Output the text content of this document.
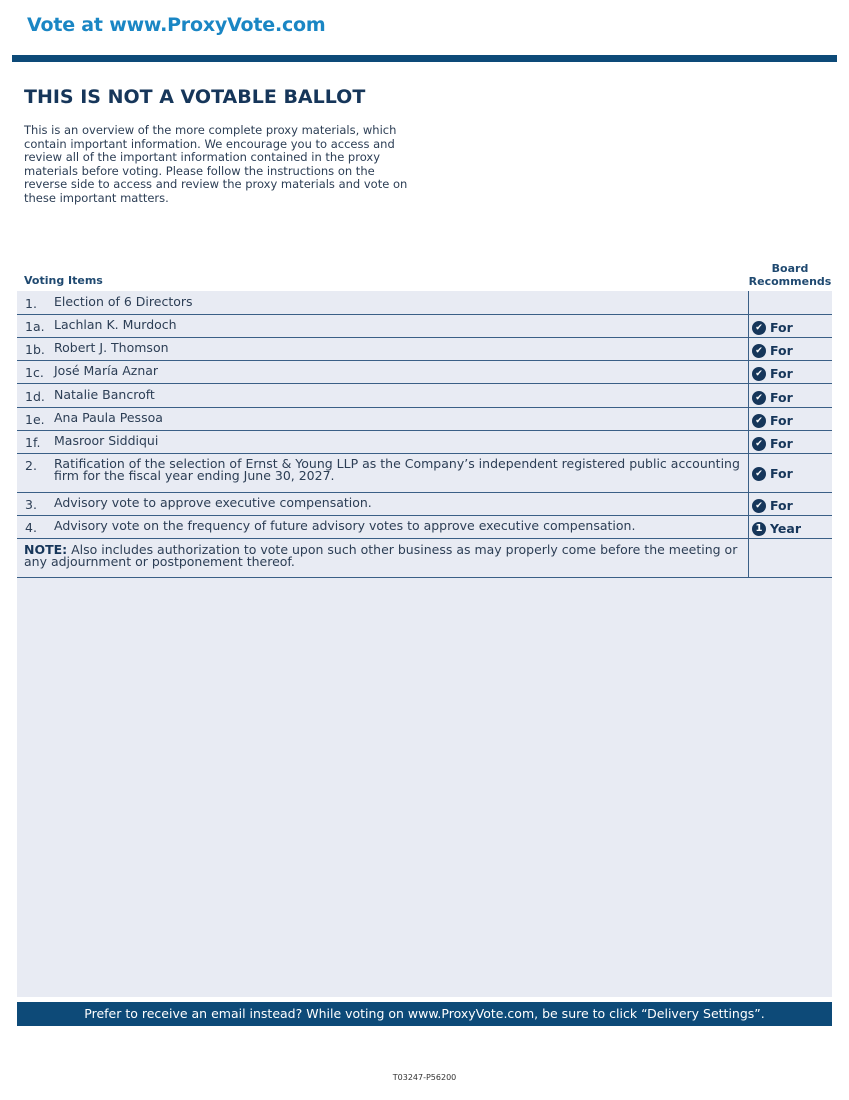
Vote at www.ProxyVote.com
THIS IS NOT A VOTABLE BALLOT
This is an overview of the more complete proxy materials, which contain important information. We encourage you to access and review all of the important information contained in the proxy materials before voting. Please follow the instructions on the reverse side to access and review the proxy materials and vote on these important matters.
Board Recommends
Voting Items
1. Election of 6 Directors
1a. Lachlan K. Murdoch	✔ For
1b. Robert J. Thomson	✔ For
1c. José María Aznar	✔ For
1d. Natalie Bancroft	✔ For
1e. Ana Paula Pessoa	✔ For
1f. Masroor Siddiqui	✔ For
2. Ratification of the selection of Ernst & Young LLP as the Company’s independent registered public accounting firm for the fiscal year ending June 30, 2027.	✔ For
3. Advisory vote to approve executive compensation.	✔ For
4. Advisory vote on the frequency of future advisory votes to approve executive compensation.	1 Year
NOTE: Also includes authorization to vote upon such other business as may properly come before the meeting or any adjournment or postponement thereof.
Prefer to receive an email instead? While voting on www.ProxyVote.com, be sure to click “Delivery Settings”.
T03247-P56200
